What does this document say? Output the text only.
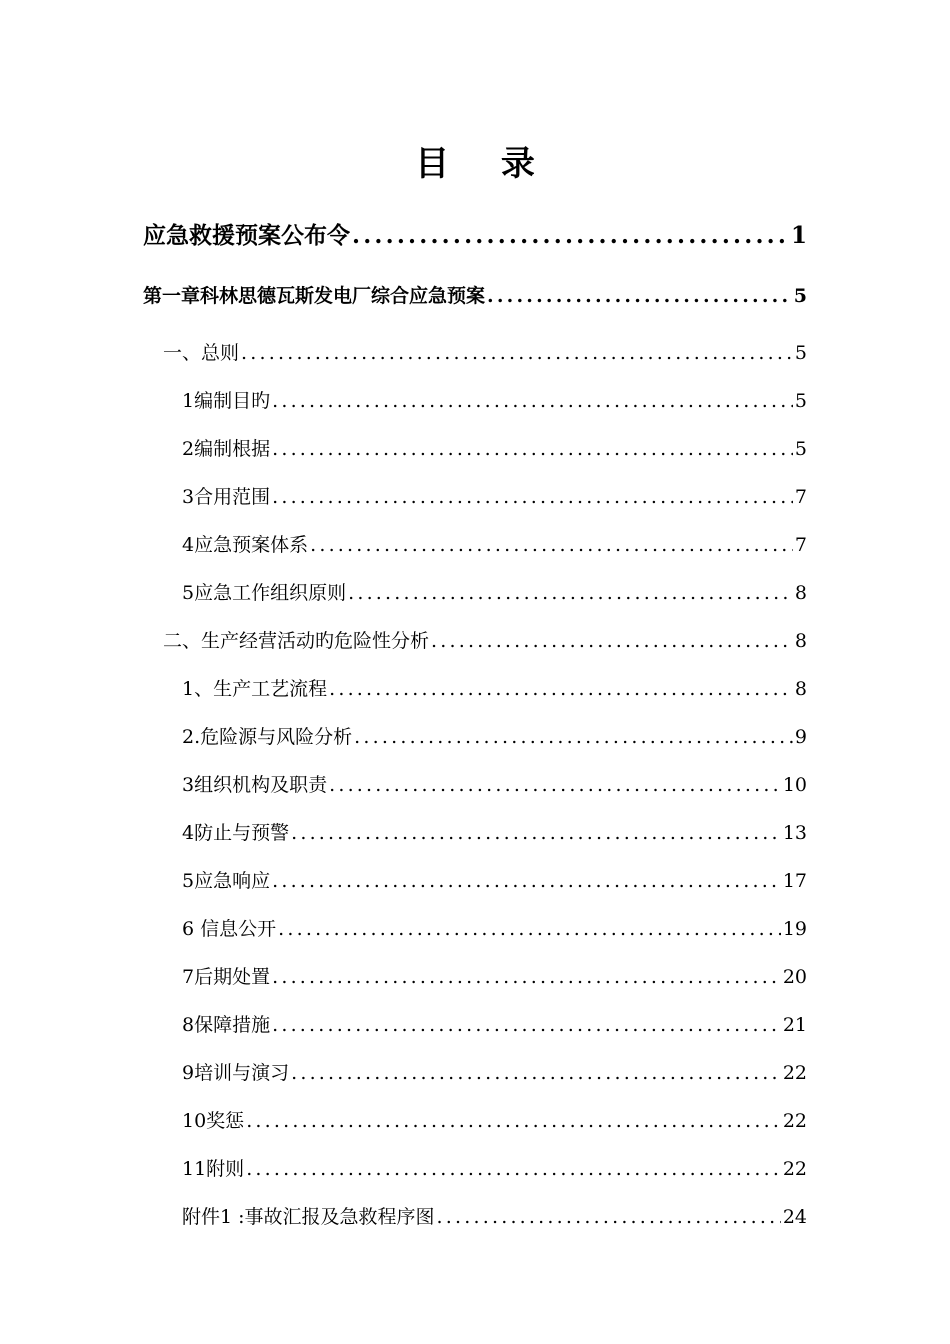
目 录
应急救援预案公布令 .....	1
第一章科林思德瓦斯发电厂综合应急预案 .....	5
一、总则 .....	5
1编制目旳 .....	5
2编制根据 .....	5
3合用范围 .....	7
4应急预案体系 .....	7
5应急工作组织原则 .....	8
二、生产经营活动旳危险性分析 .....	8
1、生产工艺流程 .....	8
2.危险源与风险分析 .....	9
3组织机构及职责 .....	10
4防止与预警 .....	13
5应急响应 .....	17
6 信息公开 .....	19
7后期处置 .....	20
8保障措施 .....	21
9培训与演习 .....	22
10奖惩 .....	22
11附则 .....	22
附件1 :事故汇报及急救程序图 .....	24
